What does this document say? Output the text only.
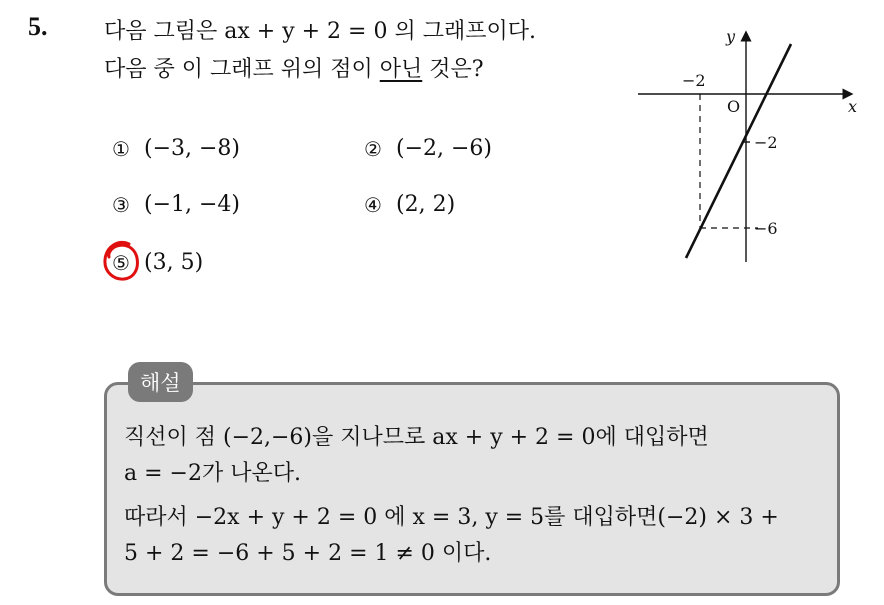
5.	다음 그림은 ax + y + 2 = 0 의 그래프이다.
다음 중 이 그래프 위의 점이 아닌 것은?
① (−3, −8)	② (−2, −6)
③ (−1, −4)	④ (2, 2)
⑤ (3, 5)
x
y
O
−2
−2
−6
해설
직선이 점 (−2,−6)을 지나므로 ax + y + 2 = 0에 대입하면
a = −2가 나온다.
따라서 −2x + y + 2 = 0 에 x = 3, y = 5를 대입하면(−2) × 3 +
5 + 2 = −6 + 5 + 2 = 1 ≠ 0 이다.
